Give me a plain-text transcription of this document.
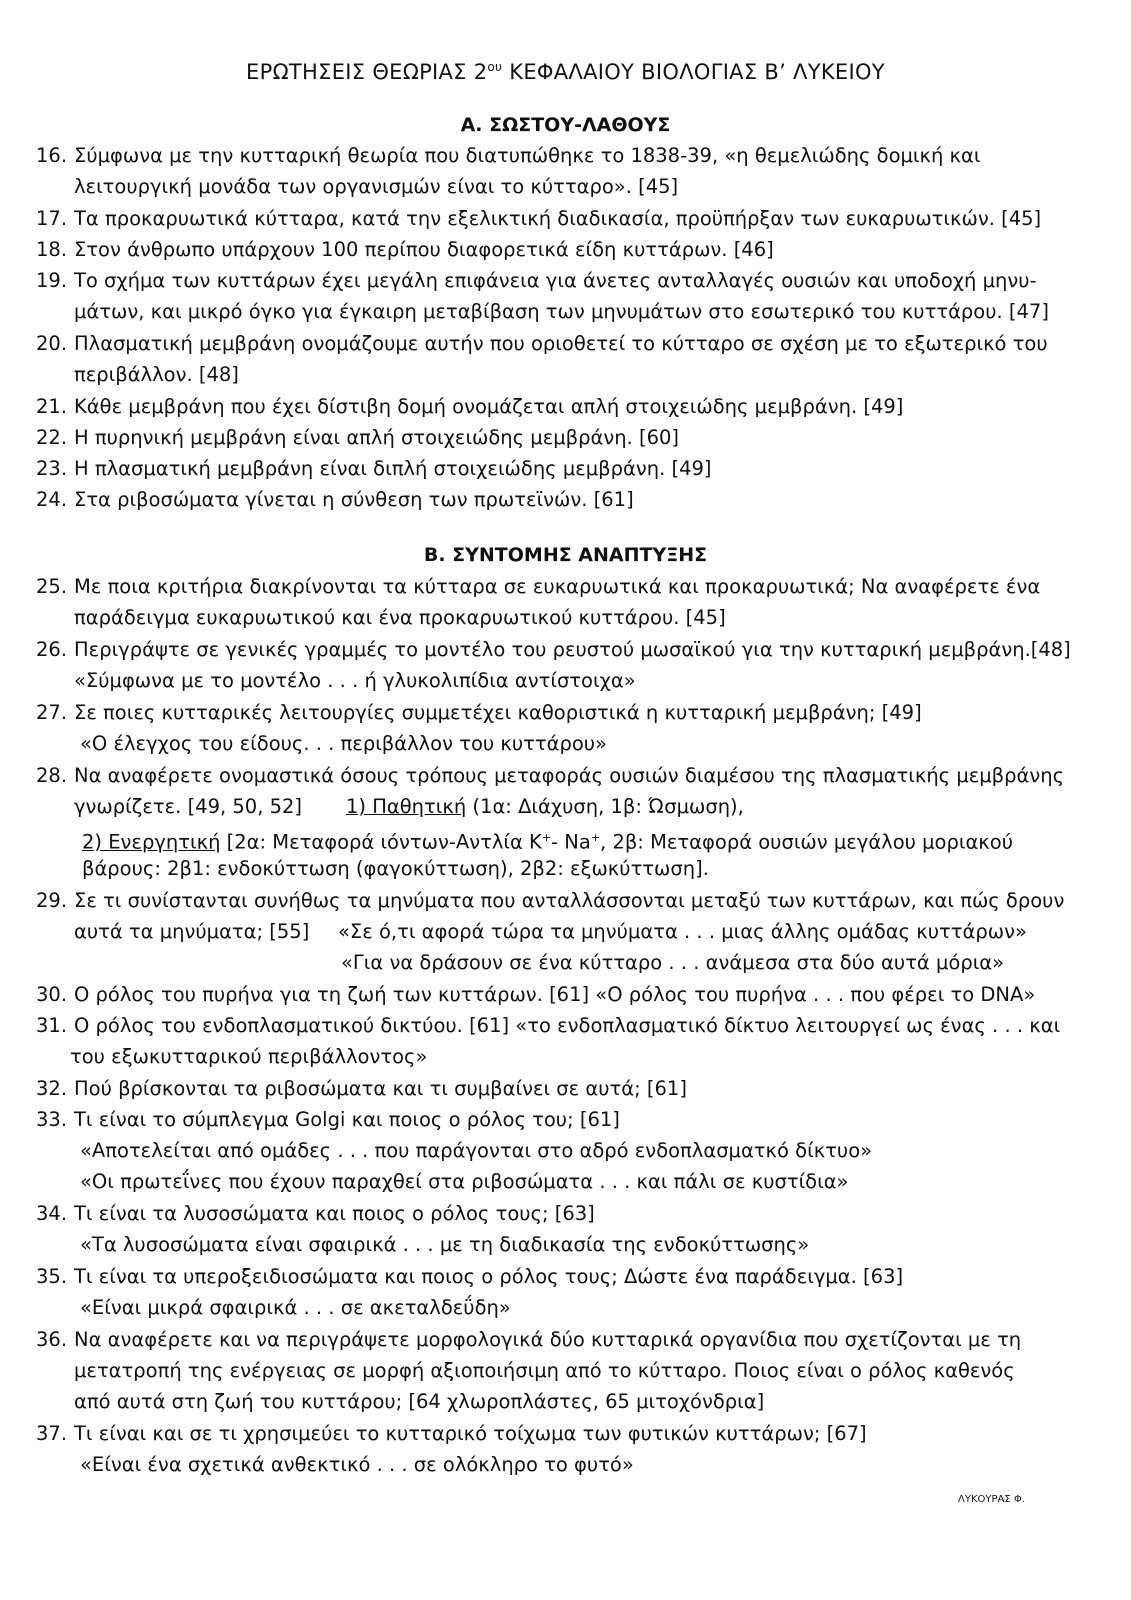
ΕΡΩΤΗΣΕΙΣ ΘΕΩΡΙΑΣ $2^{o\upsilon}$ ΚΕΦΑΛΑΙΟΥ ΒΙΟΛΟΓΙΑΣ Β’ ΛΥΚΕΙΟΥ
Α. ΣΩΣΤΟΥ-ΛΑΘΟΥΣ
16. Σύμφωνα με την κυτταρική θεωρία που διατυπώθηκε το 1838-39, «η θεμελιώδης δομική και
λειτουργική μονάδα των οργανισμών είναι το κύτταρο». [45]
17. Τα προκαρυωτικά κύτταρα, κατά την εξελικτική διαδικασία, προϋπήρξαν των ευκαρυωτικών. [45]
18. Στον άνθρωπο υπάρχουν 100 περίπου διαφορετικά είδη κυττάρων. [46]
19. Το σχήμα των κυττάρων έχει μεγάλη επιφάνεια για άνετες ανταλλαγές ουσιών και υποδοχή μηνυ-
μάτων, και μικρό όγκο για έγκαιρη μεταβίβαση των μηνυμάτων στο εσωτερικό του κυττάρου. [47]
20. Πλασματική μεμβράνη ονομάζουμε αυτήν που οριοθετεί το κύτταρο σε σχέση με το εξωτερικό του
περιβάλλον. [48]
21. Κάθε μεμβράνη που έχει δίστιβη δομή ονομάζεται απλή στοιχειώδης μεμβράνη. [49]
22. Η πυρηνική μεμβράνη είναι απλή στοιχειώδης μεμβράνη. [60]
23. Η πλασματική μεμβράνη είναι διπλή στοιχειώδης μεμβράνη. [49]
24. Στα ριβοσώματα γίνεται η σύνθεση των πρωτεϊνών. [61]
Β. ΣΥΝΤΟΜΗΣ ΑΝΑΠΤΥΞΗΣ
25. Με ποια κριτήρια διακρίνονται τα κύτταρα σε ευκαρυωτικά και προκαρυωτικά; Να αναφέρετε ένα
παράδειγμα ευκαρυωτικού και ένα προκαρυωτικού κυττάρου. [45]
26. Περιγράψτε σε γενικές γραμμές το μοντέλο του ρευστού μωσαϊκού για την κυτταρική μεμβράνη.[48]
«Σύμφωνα με το μοντέλο . . . ή γλυκολιπίδια αντίστοιχα»
27. Σε ποιες κυτταρικές λειτουργίες συμμετέχει καθοριστικά η κυτταρική μεμβράνη; [49]
«Ο έλεγχος του είδους. . . περιβάλλον του κυττάρου»
28. Να αναφέρετε ονομαστικά όσους τρόπους μεταφοράς ουσιών διαμέσου της πλασματικής μεμβράνης
γνωρίζετε. [49, 50, 52] 1) Παθητική (1α: Διάχυση, 1β: Ώσμωση),
2) Ενεργητική [2α: Μεταφορά ιόντων-Αντλία K+- Na+, 2β: Μεταφορά ουσιών μεγάλου μοριακού
βάρους: 2β1: ενδοκύττωση (φαγοκύττωση), 2β2: εξωκύττωση].
29. Σε τι συνίστανται συνήθως τα μηνύματα που ανταλλάσσονται μεταξύ των κυττάρων, και πώς δρουν
αυτά τα μηνύματα; [55] «Σε ό,τι αφορά τώρα τα μηνύματα . . . μιας άλλης ομάδας κυττάρων»
«Για να δράσουν σε ένα κύτταρο . . . ανάμεσα στα δύο αυτά μόρια»
30. Ο ρόλος του πυρήνα για τη ζωή των κυττάρων. [61] «Ο ρόλος του πυρήνα . . . που φέρει το DNA»
31. Ο ρόλος του ενδοπλασματικού δικτύου. [61] «το ενδοπλασματικό δίκτυο λειτουργεί ως ένας . . . και
του εξωκυτταρικού περιβάλλοντος»
32. Πού βρίσκονται τα ριβοσώματα και τι συμβαίνει σε αυτά; [61]
33. Τι είναι το σύμπλεγμα Golgi και ποιος ο ρόλος του; [61]
«Αποτελείται από ομάδες . . . που παράγονται στο αδρό ενδοπλασματκό δίκτυο»
«Οι πρωτεΐνες που έχουν παραχθεί στα ριβοσώματα . . . και πάλι σε κυστίδια»
34. Τι είναι τα λυσοσώματα και ποιος ο ρόλος τους; [63]
«Τα λυσοσώματα είναι σφαιρικά . . . με τη διαδικασία της ενδοκύττωσης»
35. Τι είναι τα υπεροξειδιοσώματα και ποιος ο ρόλος τους; Δώστε ένα παράδειγμα. [63]
«Είναι μικρά σφαιρικά . . . σε ακεταλδεΰδη»
36. Να αναφέρετε και να περιγράψετε μορφολογικά δύο κυτταρικά οργανίδια που σχετίζονται με τη
μετατροπή της ενέργειας σε μορφή αξιοποιήσιμη από το κύτταρο. Ποιος είναι ο ρόλος καθενός
από αυτά στη ζωή του κυττάρου; [64 χλωροπλάστες, 65 μιτοχόνδρια]
37. Τι είναι και σε τι χρησιμεύει το κυτταρικό τοίχωμα των φυτικών κυττάρων; [67]
«Είναι ένα σχετικά ανθεκτικό . . . σε ολόκληρο το φυτό»
ΛΥΚΟΥΡΑΣ Φ.
